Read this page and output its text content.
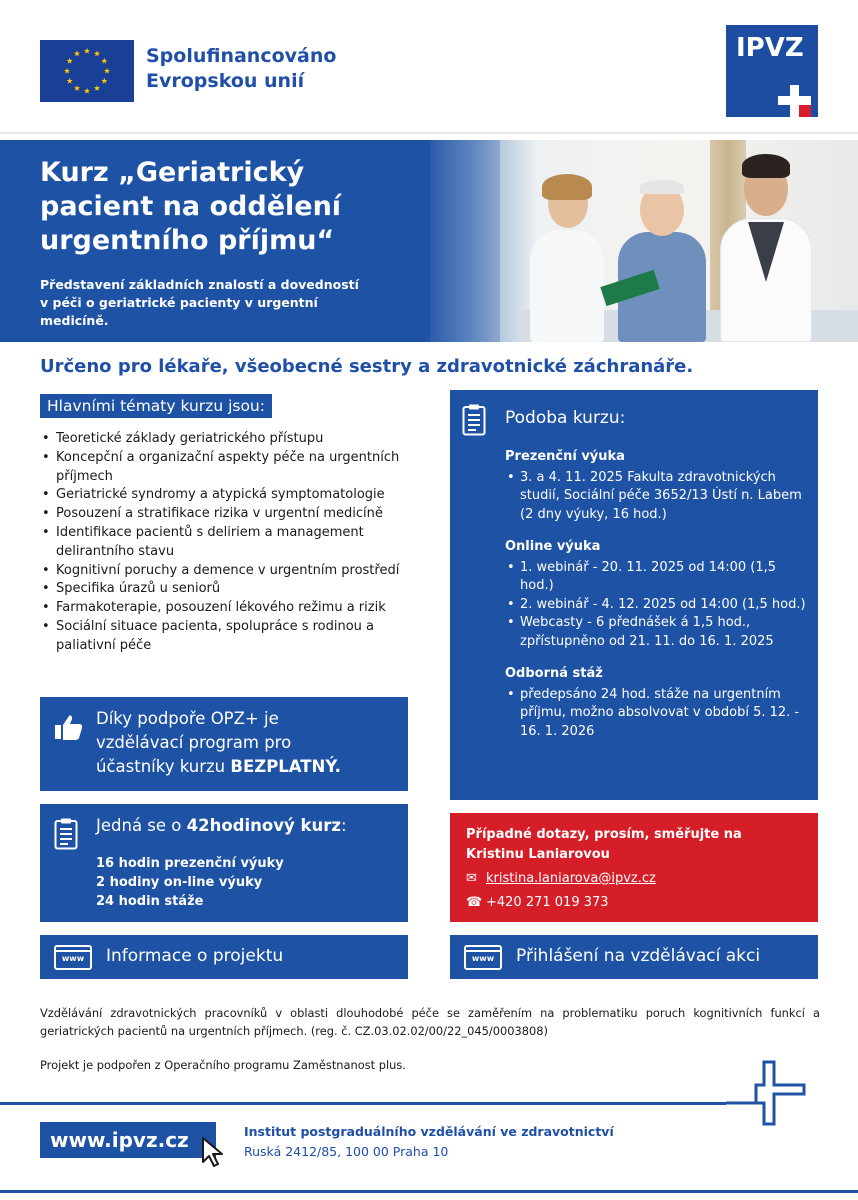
Spolufinancováno
Evropskou unií
IPVZ
Kurz „Geriatrický
pacient na oddělení
urgentního příjmu“
Představení základních znalostí a dovedností
v péči o geriatrické pacienty v urgentní
medicíně.
Určeno pro lékaře, všeobecné sestry a zdravotnické záchranáře.
Hlavními tématy kurzu jsou:
• Teoretické základy geriatrického přístupu
• Koncepční a organizační aspekty péče na urgentních příjmech
• Geriatrické syndromy a atypická symptomatologie
• Posouzení a stratifikace rizika v urgentní medicíně
• Identifikace pacientů s deliriem a management delirantního stavu
• Kognitivní poruchy a demence v urgentním prostředí
• Specifika úrazů u seniorů
• Farmakoterapie, posouzení lékového režimu a rizik
• Sociální situace pacienta, spolupráce s rodinou a paliativní péče
Díky podpoře OPZ+ je
vzdělávací program pro
účastníky kurzu BEZPLATNÝ.
Jedná se o 42hodinový kurz:
16 hodin prezenční výuky
2 hodiny on-line výuky
24 hodin stáže
Podoba kurzu:
Prezenční výuka
• 3. a 4. 11. 2025 Fakulta zdravotnických studií, Sociální péče 3652/13 Ústí n. Labem (2 dny výuky, 16 hod.)
Online výuka
• 1. webinář - 20. 11. 2025 od 14:00 (1,5 hod.)
• 2. webinář - 4. 12. 2025 od 14:00 (1,5 hod.)
• Webcasty - 6 přednášek á 1,5 hod., zpřístupněno od 21. 11. do 16. 1. 2025
Odborná stáž
• předepsáno 24 hod. stáže na urgentním příjmu, možno absolvovat v období 5. 12. - 16. 1. 2026
Případné dotazy, prosím, směřujte na Kristinu Laniarovou
✉ kristina.laniarova@ipvz.cz
☎ +420 271 019 373
www	Informace o projektu	www	Přihlášení na vzdělávací akci
Vzdělávání zdravotnických pracovníků v oblasti dlouhodobé péče se zaměřením na problematiku poruch kognitivních funkcí a geriatrických pacientů na urgentních příjmech. (reg. č. CZ.03.02.02/00/22_045/0003808)
Projekt je podpořen z Operačního programu Zaměstnanost plus.
www.ipvz.cz	Institut postgraduálního vzdělávání ve zdravotnictví
Ruská 2412/85, 100 00 Praha 10
